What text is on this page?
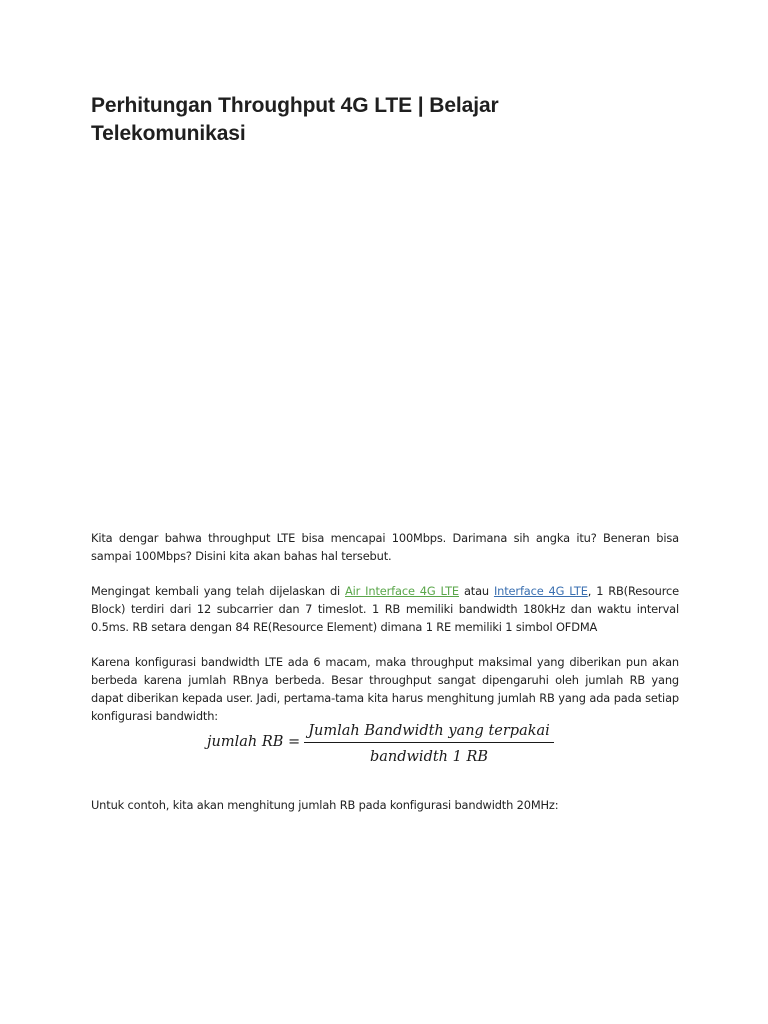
Perhitungan Throughput 4G LTE | Belajar Telekomunikasi

Kita dengar bahwa throughput LTE bisa mencapai 100Mbps. Darimana sih angka itu? Beneran bisa sampai 100Mbps? Disini kita akan bahas hal tersebut.

Mengingat kembali yang telah dijelaskan di Air Interface 4G LTE atau Interface 4G LTE, 1 RB(Resource Block) terdiri dari 12 subcarrier dan 7 timeslot. 1 RB memiliki bandwidth 180kHz dan waktu interval 0.5ms. RB setara dengan 84 RE(Resource Element) dimana 1 RE memiliki 1 simbol OFDMA

Karena konfigurasi bandwidth LTE ada 6 macam, maka throughput maksimal yang diberikan pun akan berbeda karena jumlah RBnya berbeda. Besar throughput sangat dipengaruhi oleh jumlah RB yang dapat diberikan kepada user. Jadi, pertama-tama kita harus menghitung jumlah RB yang ada pada setiap konfigurasi bandwidth:

jumlah RB =
Jumlah Bandwidth yang terpakai
bandwidth 1 RB

Untuk contoh, kita akan menghitung jumlah RB pada konfigurasi bandwidth 20MHz:
